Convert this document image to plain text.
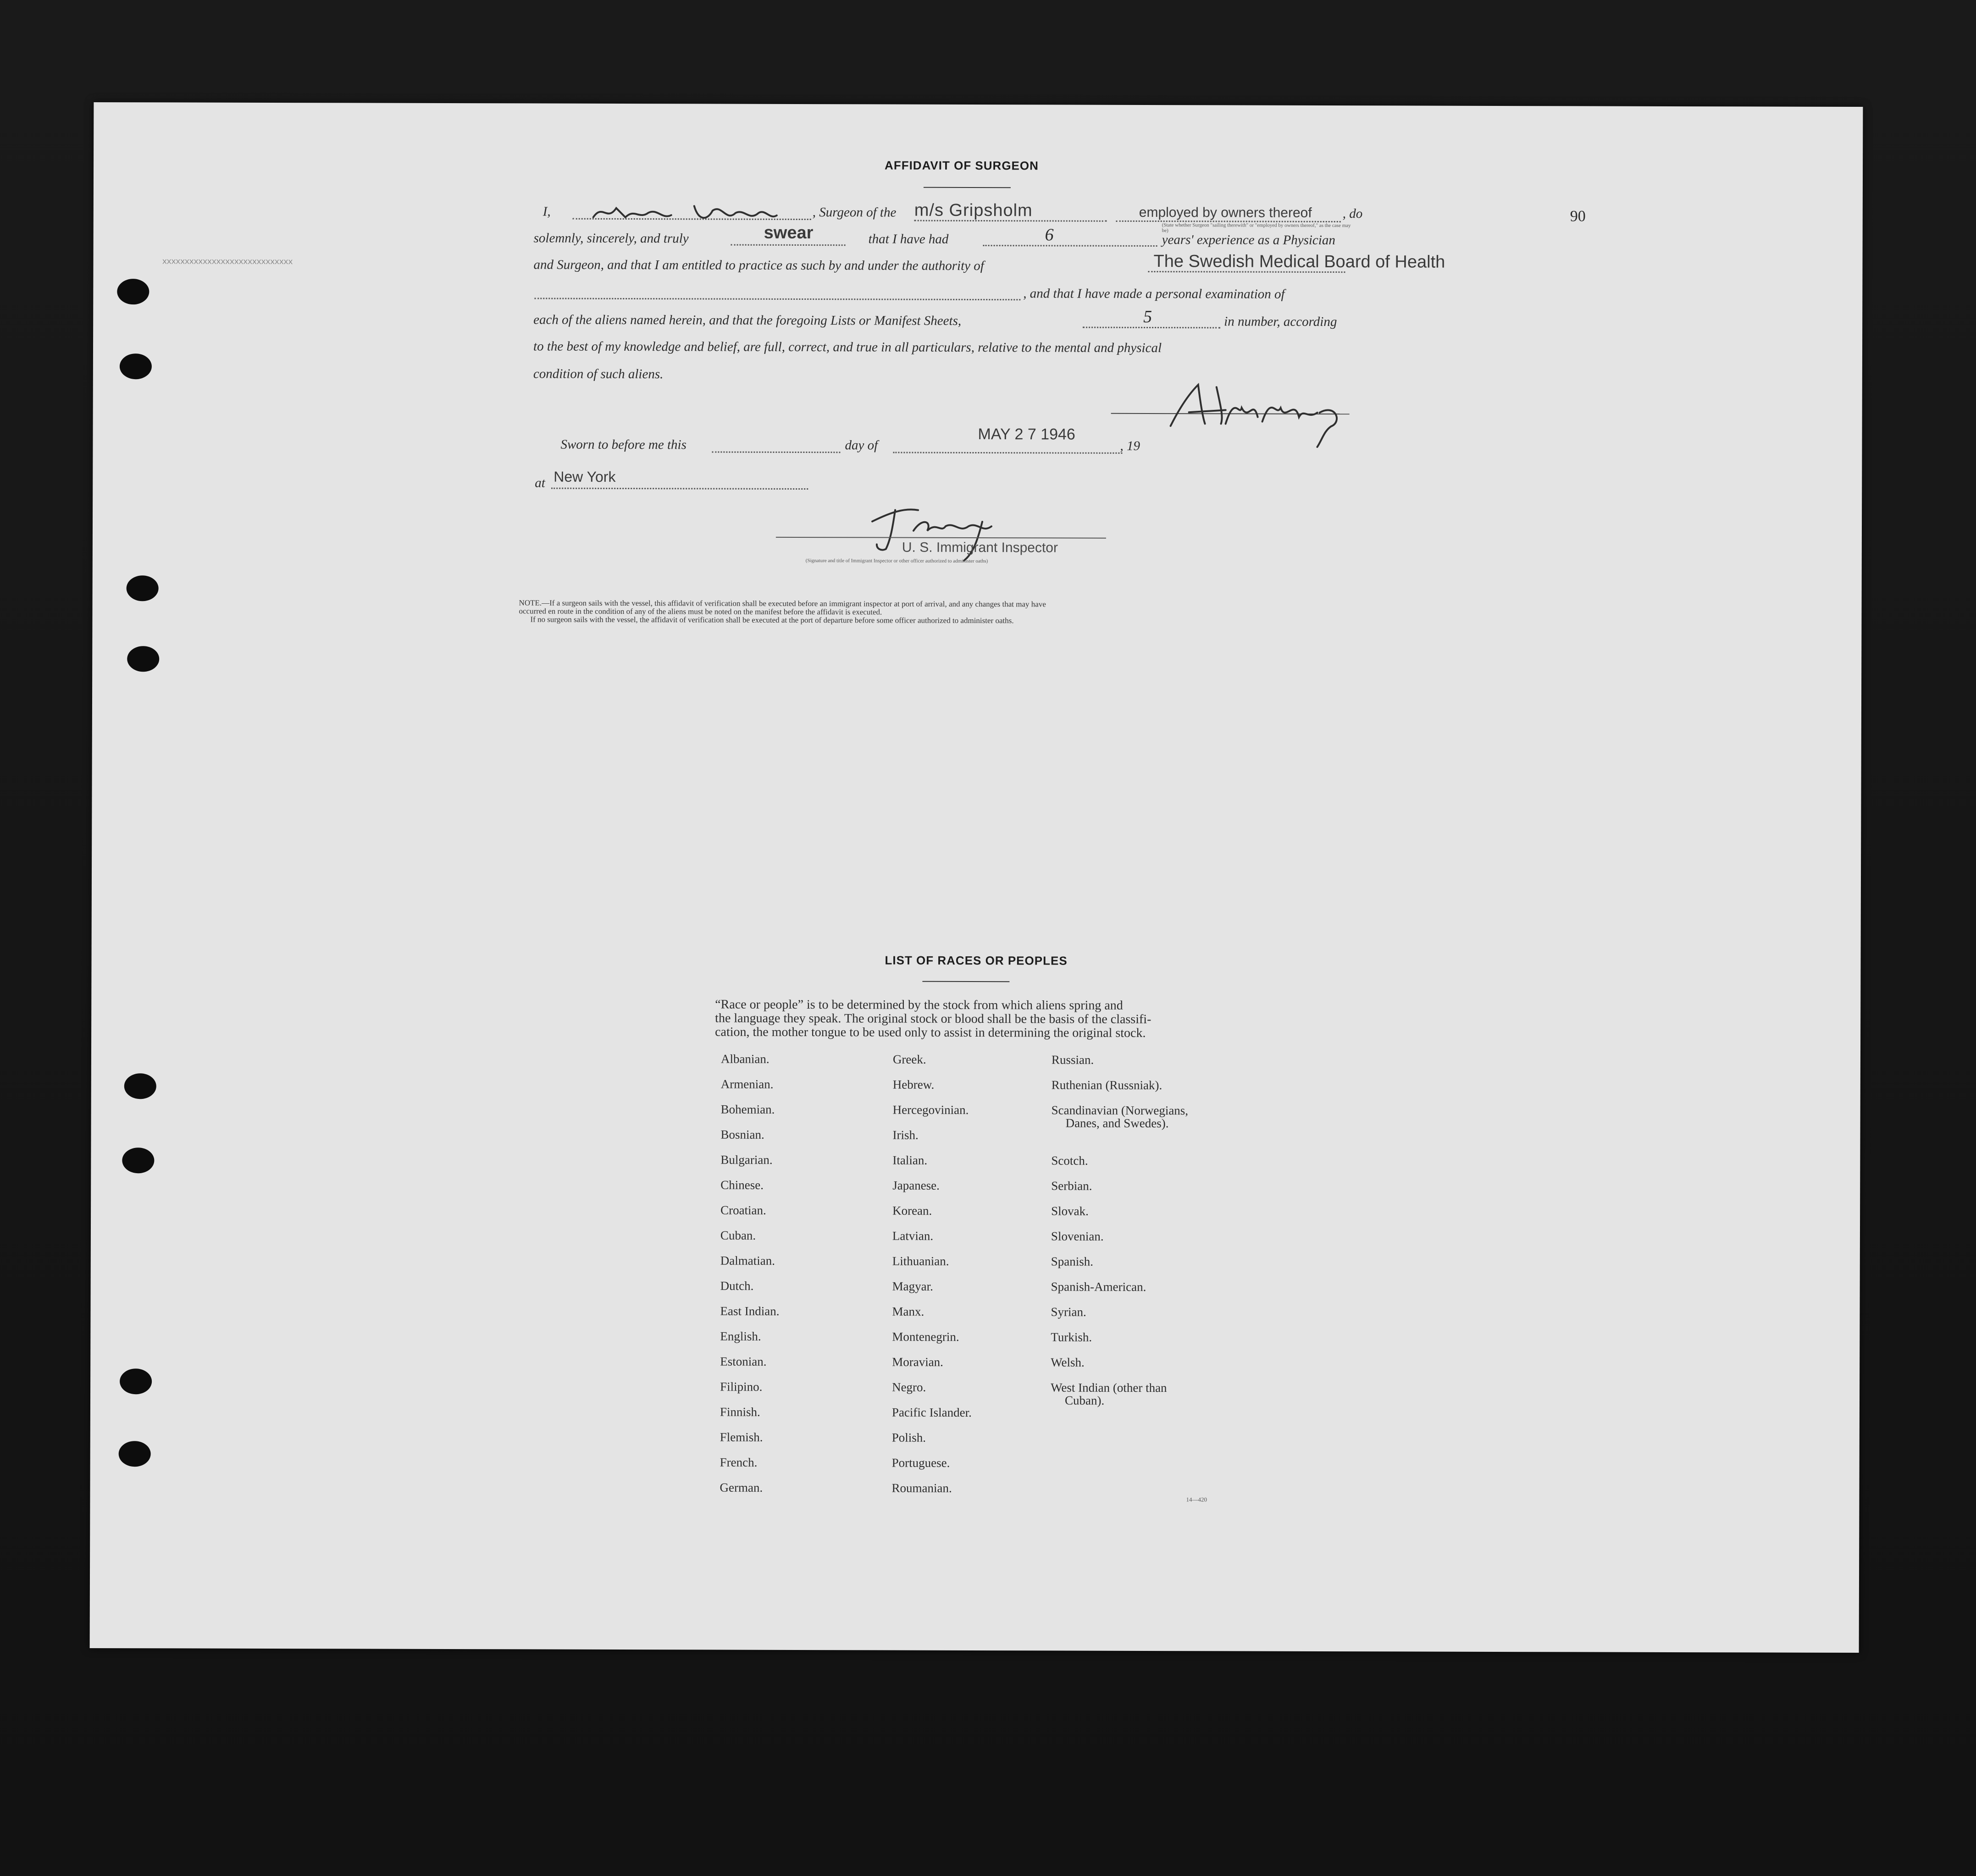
xxxxxxxxxxxxxxxxxxxxxxxxxxxxx
90
AFFIDAVIT OF SURGEON
I,	, Surgeon of the m/s Gripsholm	employed by owners thereof
(State whether Surgeon "sailing therewith" or "employed by owners thereof," as the case may be)
, do
solemnly, sincerely, and truly	swear	that I have had	6	years' experience as a Physician
and Surgeon, and that I am entitled to practice as such by and under the authority of	The Swedish Medical Board of Health
, and that I have made a personal examination of
each of the aliens named herein, and that the foregoing Lists or Manifest Sheets,	5	in number, according
to the best of my knowledge and belief, are full, correct, and true in all particulars, relative to the mental and physical
condition of such aliens.
Sworn to before me this	day of
MAY 2 7 1946
, 19
at New York
U. S. Immigrant Inspector
(Signature and title of Immigrant Inspector or other officer authorized to administer oaths)
NOTE.—If a surgeon sails with the vessel, this affidavit of verification shall be executed before an immigrant inspector at port of arrival, and any changes that may have
occurred en route in the condition of any of the aliens must be noted on the manifest before the affidavit is executed.
If no surgeon sails with the vessel, the affidavit of verification shall be executed at the port of departure before some officer authorized to administer oaths.
LIST OF RACES OR PEOPLES
“Race or people” is to be determined by the stock from which aliens spring and
the language they speak. The original stock or blood shall be the basis of the classifi-
cation, the mother tongue to be used only to assist in determining the original stock.
Albanian.
Armenian.
Bohemian.
Bosnian.
Bulgarian.
Chinese.
Croatian.
Cuban.
Dalmatian.
Dutch.
East Indian.
English.
Estonian.
Filipino.
Finnish.
Flemish.
French.
German.
Greek.
Hebrew.
Hercegovinian.
Irish.
Italian.
Japanese.
Korean.
Latvian.
Lithuanian.
Magyar.
Manx.
Montenegrin.
Moravian.
Negro.
Pacific Islander.
Polish.
Portuguese.
Roumanian.
Russian.
Ruthenian (Russniak).
Scandinavian (Norwegians,
Danes, and Swedes).
Scotch.
Serbian.
Slovak.
Slovenian.
Spanish.
Spanish-American.
Syrian.
Turkish.
Welsh.
West Indian (other than
Cuban).
14—420
